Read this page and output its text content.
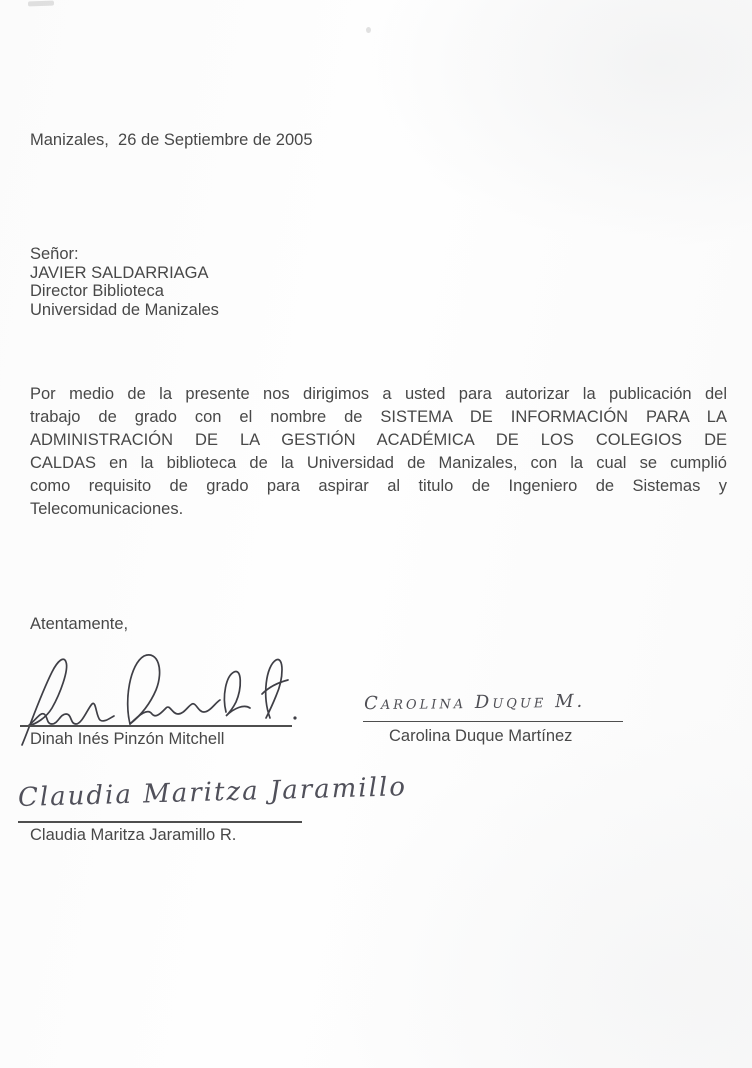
Manizales,  26 de Septiembre de 2005
Señor:
JAVIER SALDARRIAGA
Director Biblioteca
Universidad de Manizales
Por medio de la presente nos dirigimos a usted para autorizar la publicación del
trabajo de grado con el nombre de SISTEMA DE INFORMACIÓN PARA LA
ADMINISTRACIÓN DE LA GESTIÓN ACADÉMICA DE LOS COLEGIOS DE
CALDAS en la biblioteca de la Universidad de Manizales, con la cual se cumplió
como requisito de grado para aspirar al titulo de Ingeniero de Sistemas y
Telecomunicaciones.
Atentamente,
Dinah Inés Pinzón Mitchell
Carolina Duque M.
Carolina Duque Martínez
Claudia Maritza Jaramillo
Claudia Maritza Jaramillo R.
